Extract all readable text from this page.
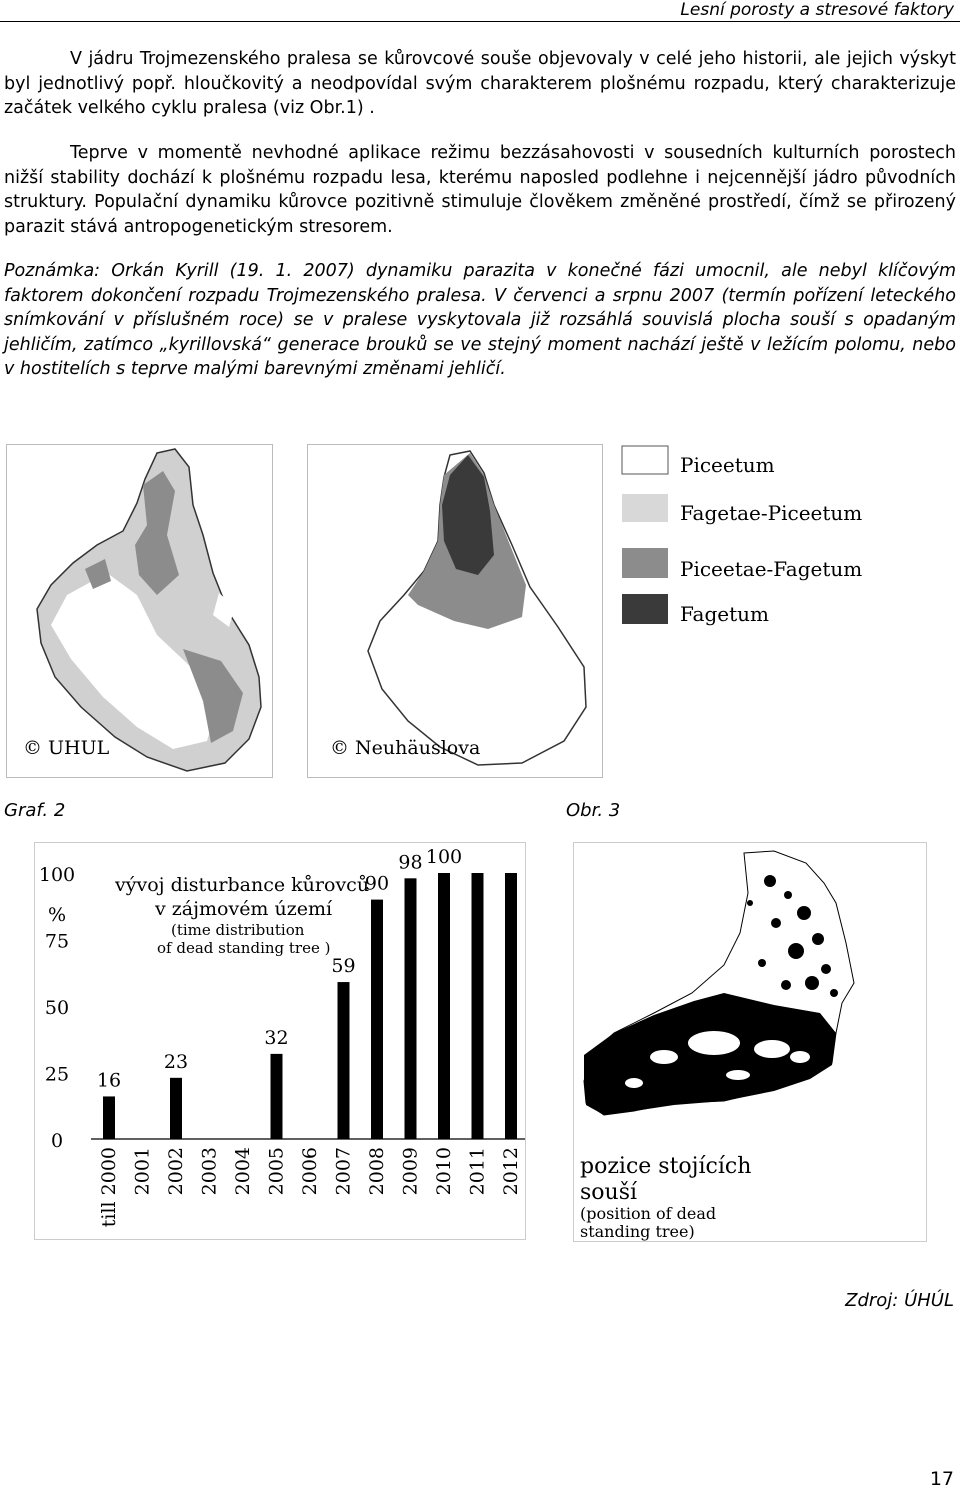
Lesní porosty a stresové faktory
V jádru Trojmezenského pralesa se kůrovcové souše objevovaly v celé jeho historii, ale jejich výskyt byl jednotlivý popř. hloučkovitý a neodpovídal svým charakterem plošnému rozpadu, který charakterizuje začátek velkého cyklu pralesa (viz Obr.1) .
Teprve v momentě nevhodné aplikace režimu bezzásahovosti v sousedních kulturních porostech nižší stability dochází k plošnému rozpadu lesa, kterému naposled podlehne i nejcennější jádro původních struktury. Populační dynamiku kůrovce pozitivně stimuluje člověkem změněné prostředí, čímž se přirozený parazit stává antropogenetickým stresorem.
Poznámka: Orkán Kyrill (19. 1. 2007) dynamiku parazita v konečné fázi umocnil, ale nebyl klíčovým faktorem dokončení rozpadu Trojmezenského pralesa. V červenci a srpnu 2007 (termín pořízení leteckého snímkování v příslušném roce) se v pralese vyskytovala již rozsáhlá souvislá plocha souší s opadaným jehličím, zatímco „kyrillovská“ generace brouků se ve stejný moment nachází ještě v ležícím polomu, nebo v hostitelích s teprve malými barevnými změnami jehličí.
© UHUL	© Neuhäuslova
Piceetum
Fagetae-Piceetum
Piceetae-Fagetum
Fagetum
Graf. 2	Obr. 3
vývoj disturbance kůrovců
v zájmovém území
(time distribution
of dead standing tree )
0
25
50
75
100
%
16
23
32
59
90
98 100
till 2000 2001 2002 2003 2004 2005 2006 2007 2008 2009 2010 2011 2012	pozice stojících
souší
(position of dead
standing tree)
Zdroj: ÚHÚL
17
